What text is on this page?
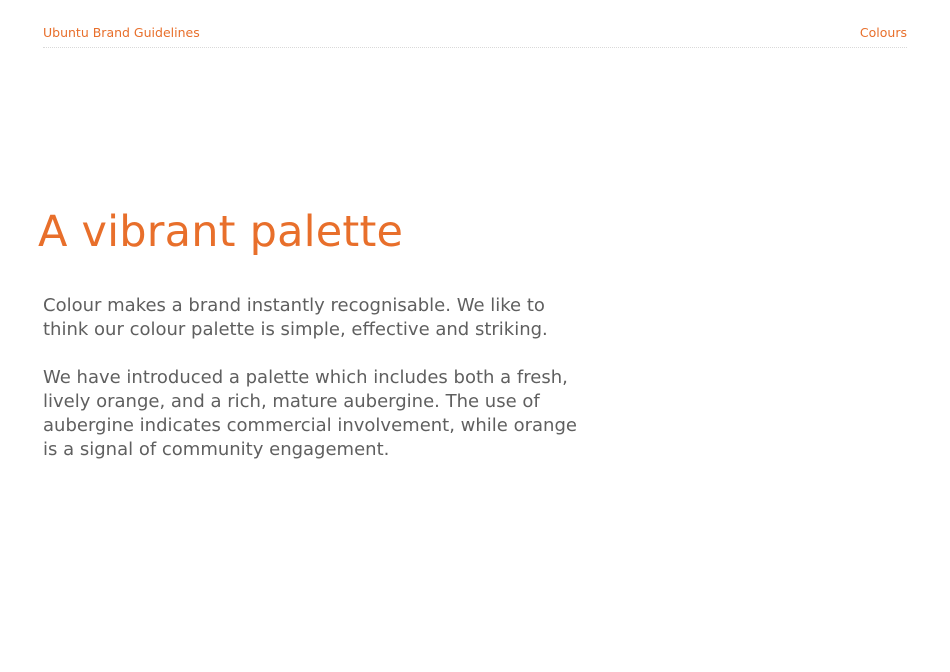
Ubuntu Brand Guidelines	Colours
A vibrant palette

Colour makes a brand instantly recognisable. We like to
think our colour palette is simple, effective and striking.

We have introduced a palette which includes both a fresh,
lively orange, and a rich, mature aubergine. The use of
aubergine indicates commercial involvement, while orange
is a signal of community engagement.
